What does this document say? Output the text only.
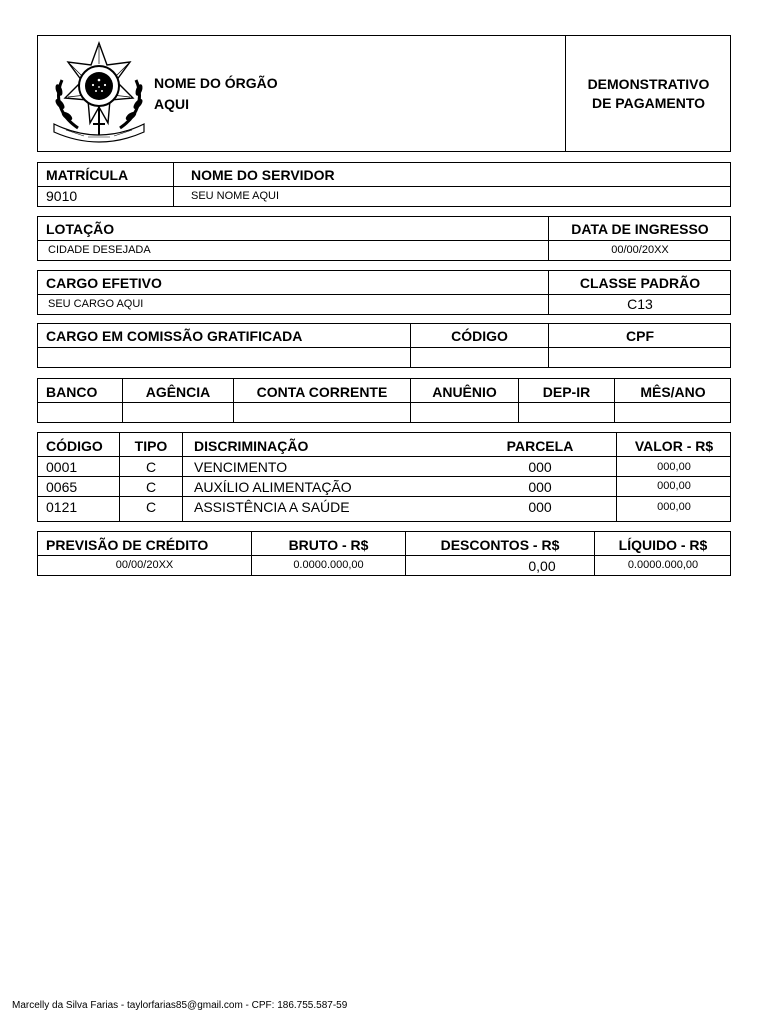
NOME DO ÓRGÃO
AQUI
DEMONSTRATIVO
DE PAGAMENTO
MATRÍCULA	NOME DO SERVIDOR
9010	SEU NOME AQUI
LOTAÇÃO	DATA DE INGRESSO
CIDADE DESEJADA	00/00/20XX
CARGO EFETIVO	CLASSE PADRÃO
SEU CARGO AQUI	C13
CARGO EM COMISSÃO GRATIFICADA	CÓDIGO	CPF
BANCO	AGÊNCIA	CONTA CORRENTE	ANUÊNIO	DEP-IR	MÊS/ANO
CÓDIGO	TIPO	DISCRIMINAÇÃO	PARCELA	VALOR - R$
0001	C	VENCIMENTO	000	000,00
0065	C	AUXÍLIO ALIMENTAÇÃO	000	000,00
0121	C	ASSISTÊNCIA A SAÚDE	000	000,00
PREVISÃO DE CRÉDITO	BRUTO - R$	DESCONTOS - R$	LÍQUIDO - R$
00/00/20XX	0.0000.000,00	0,00	0.0000.000,00
Marcelly da Silva Farias - taylorfarias85@gmail.com - CPF: 186.755.587-59
